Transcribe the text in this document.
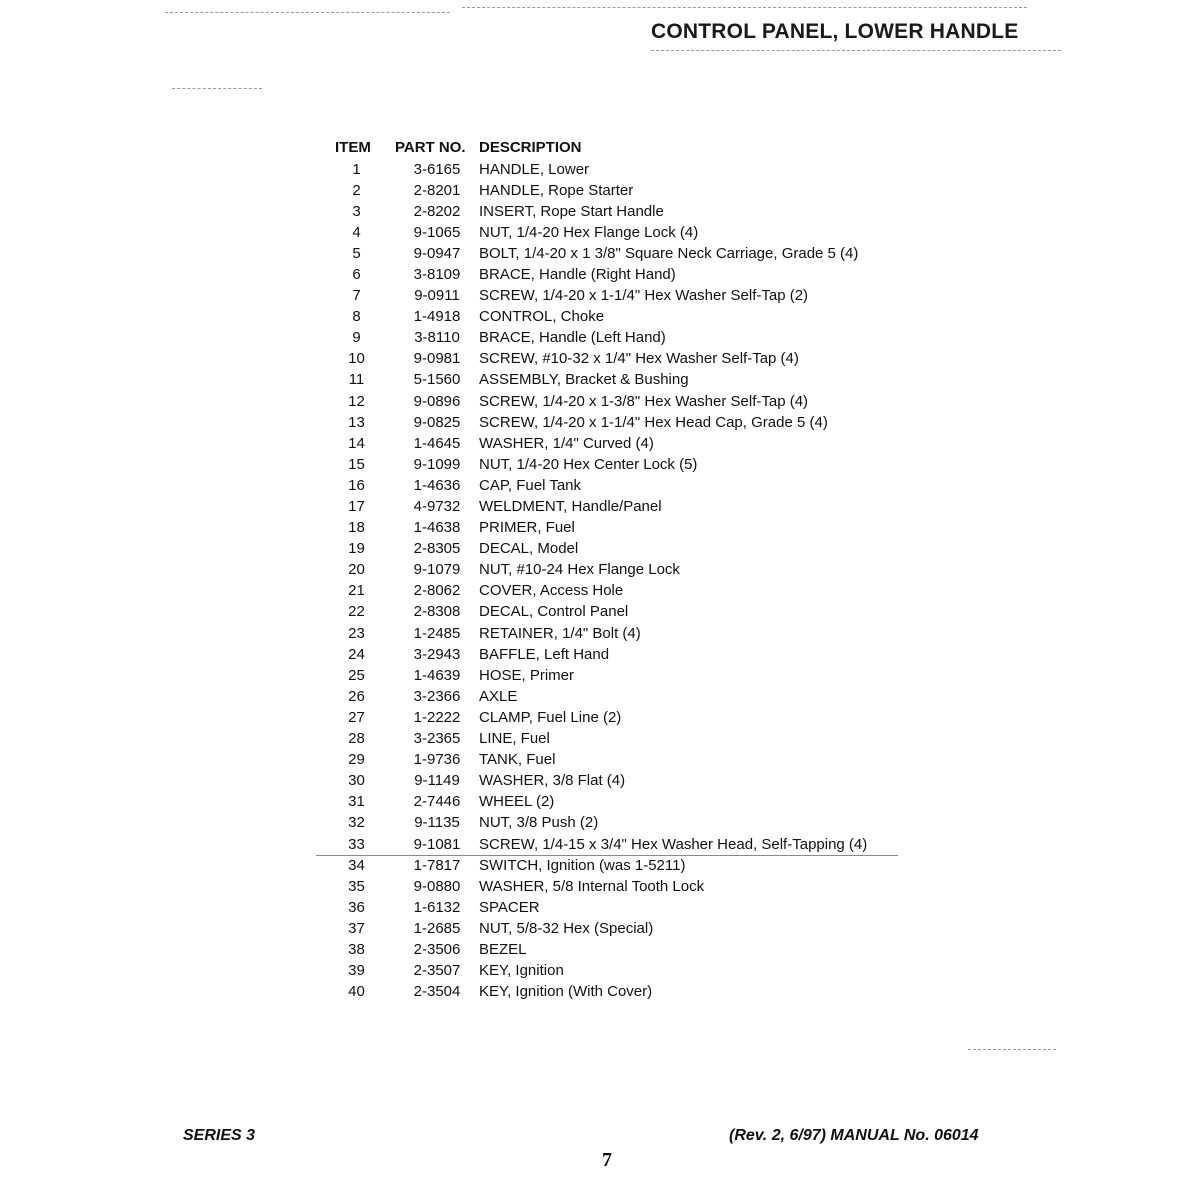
CONTROL PANEL, LOWER HANDLE
ITEM	PART NO.	DESCRIPTION
1	3-6165	HANDLE, Lower
2	2-8201	HANDLE, Rope Starter
3	2-8202	INSERT, Rope Start Handle
4	9-1065	NUT, 1/4-20 Hex Flange Lock (4)
5	9-0947	BOLT, 1/4-20 x 1 3/8" Square Neck Carriage, Grade 5 (4)
6	3-8109	BRACE, Handle (Right Hand)
7	9-0911	SCREW, 1/4-20 x 1-1/4" Hex Washer Self-Tap (2)
8	1-4918	CONTROL, Choke
9	3-8110	BRACE, Handle (Left Hand)
10	9-0981	SCREW, #10-32 x 1/4" Hex Washer Self-Tap (4)
11	5-1560	ASSEMBLY, Bracket & Bushing
12	9-0896	SCREW, 1/4-20 x 1-3/8" Hex Washer Self-Tap (4)
13	9-0825	SCREW, 1/4-20 x 1-1/4" Hex Head Cap, Grade 5 (4)
14	1-4645	WASHER, 1/4" Curved (4)
15	9-1099	NUT, 1/4-20 Hex Center Lock (5)
16	1-4636	CAP, Fuel Tank
17	4-9732	WELDMENT, Handle/Panel
18	1-4638	PRIMER, Fuel
19	2-8305	DECAL, Model
20	9-1079	NUT, #10-24 Hex Flange Lock
21	2-8062	COVER, Access Hole
22	2-8308	DECAL, Control Panel
23	1-2485	RETAINER, 1/4" Bolt (4)
24	3-2943	BAFFLE, Left Hand
25	1-4639	HOSE, Primer
26	3-2366	AXLE
27	1-2222	CLAMP, Fuel Line (2)
28	3-2365	LINE, Fuel
29	1-9736	TANK, Fuel
30	9-1149	WASHER, 3/8 Flat (4)
31	2-7446	WHEEL (2)
32	9-1135	NUT, 3/8 Push (2)
33	9-1081	SCREW, 1/4-15 x 3/4" Hex Washer Head, Self-Tapping (4)
34	1-7817	SWITCH, Ignition (was 1-5211)
35	9-0880	WASHER, 5/8 Internal Tooth Lock
36	1-6132	SPACER
37	1-2685	NUT, 5/8-32 Hex (Special)
38	2-3506	BEZEL
39	2-3507	KEY, Ignition
40	2-3504	KEY, Ignition (With Cover)
SERIES 3	(Rev. 2, 6/97) MANUAL No. 06014
7
